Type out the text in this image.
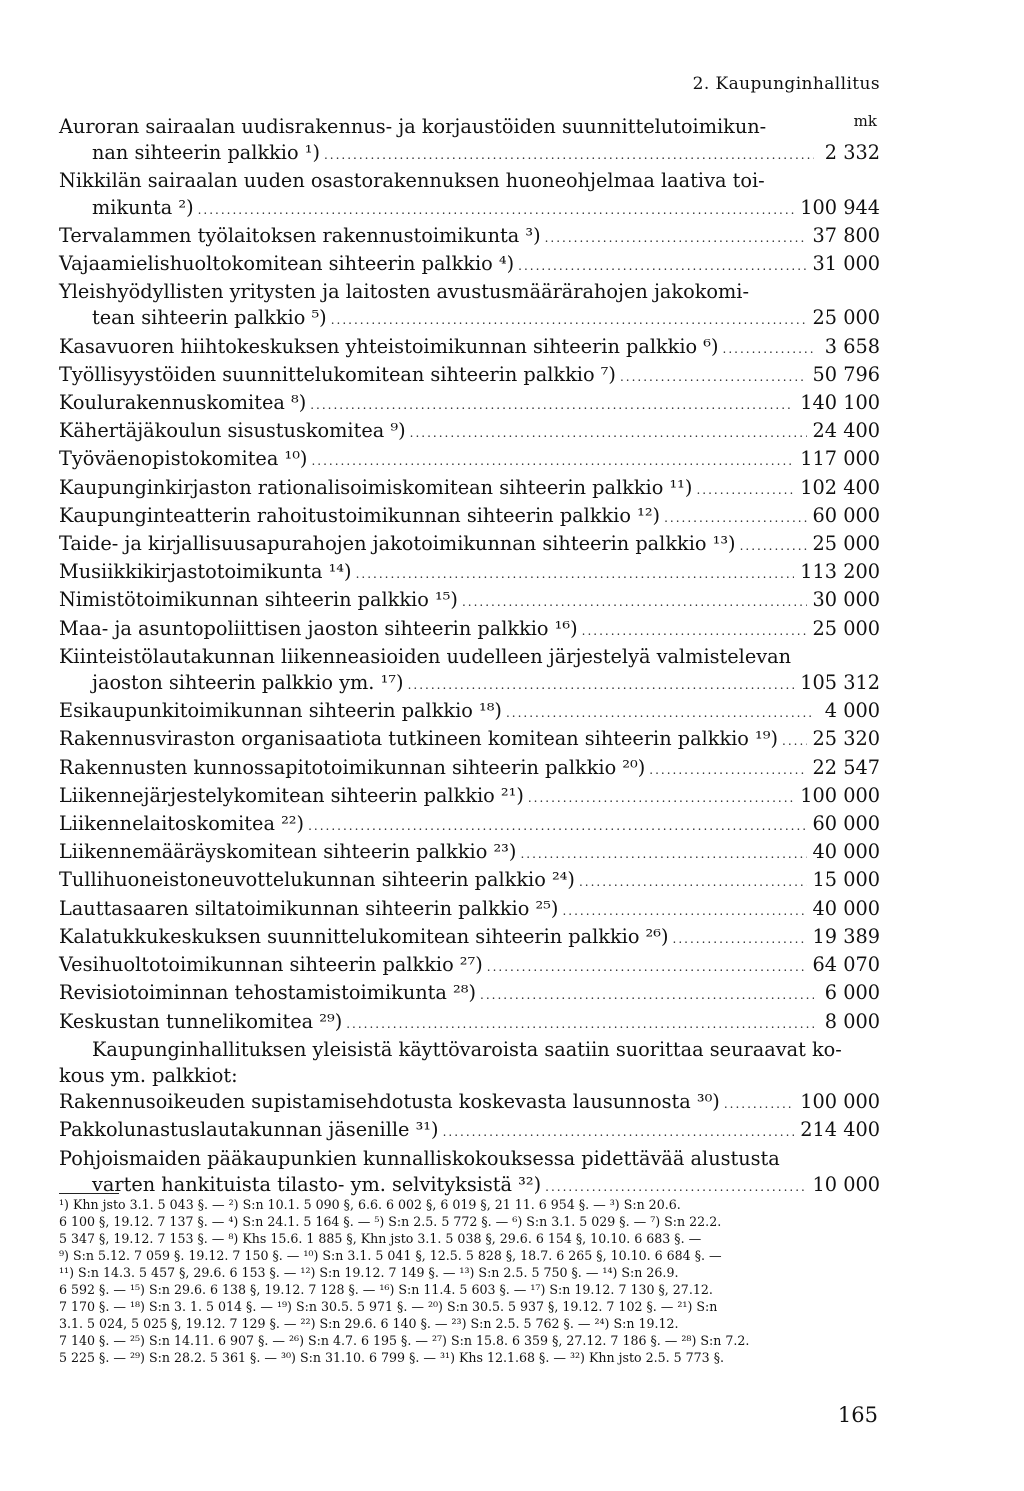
2. Kaupunginhallitus
mk
Auroran sairaalan uudisrakennus- ja korjaustöiden suunnittelutoimikun-
nan sihteerin palkkio ¹) .....	2 332
Nikkilän sairaalan uuden osastorakennuksen huoneohjelmaa laativa toi-
mikunta ²) .....	100 944
Tervalammen työlaitoksen rakennustoimikunta ³) .....	37 800
Vajaamielishuoltokomitean sihteerin palkkio ⁴) .....	31 000
Yleishyödyllisten yritysten ja laitosten avustusmäärärahojen jakokomi-
tean sihteerin palkkio ⁵) .....	25 000
Kasavuoren hiihtokeskuksen yhteistoimikunnan sihteerin palkkio ⁶) .....	3 658
Työllisyystöiden suunnittelukomitean sihteerin palkkio ⁷) .....	50 796
Koulurakennuskomitea ⁸) .....	140 100
Kähertäjäkoulun sisustuskomitea ⁹) .....	24 400
Työväenopistokomitea ¹⁰) .....	117 000
Kaupunginkirjaston rationalisoimiskomitean sihteerin palkkio ¹¹) .....	102 400
Kaupunginteatterin rahoitustoimikunnan sihteerin palkkio ¹²) .....	60 000
Taide- ja kirjallisuusapurahojen jakotoimikunnan sihteerin palkkio ¹³) .....	25 000
Musiikkikirjastotoimikunta ¹⁴) .....	113 200
Nimistötoimikunnan sihteerin palkkio ¹⁵) .....	30 000
Maa- ja asuntopoliittisen jaoston sihteerin palkkio ¹⁶) .....	25 000
Kiinteistölautakunnan liikenneasioiden uudelleen järjestelyä valmistelevan
jaoston sihteerin palkkio ym. ¹⁷) .....	105 312
Esikaupunkitoimikunnan sihteerin palkkio ¹⁸) .....	4 000
Rakennusviraston organisaatiota tutkineen komitean sihteerin palkkio ¹⁹) ..... 25 320
Rakennusten kunnossapitotoimikunnan sihteerin palkkio ²⁰) .....	22 547
Liikennejärjestelykomitean sihteerin palkkio ²¹) .....	100 000
Liikennelaitoskomitea ²²) .....	60 000
Liikennemääräyskomitean sihteerin palkkio ²³) .....	40 000
Tullihuoneistoneuvottelukunnan sihteerin palkkio ²⁴) .....	15 000
Lauttasaaren siltatoimikunnan sihteerin palkkio ²⁵) .....	40 000
Kalatukkukeskuksen suunnittelukomitean sihteerin palkkio ²⁶) .....	19 389
Vesihuoltotoimikunnan sihteerin palkkio ²⁷) .....	64 070
Revisiotoiminnan tehostamistoimikunta ²⁸) .....	6 000
Keskustan tunnelikomitea ²⁹) .....	8 000
Kaupunginhallituksen yleisistä käyttövaroista saatiin suorittaa seuraavat ko-
kous ym. palkkiot:
Rakennusoikeuden supistamisehdotusta koskevasta lausunnosta ³⁰) .....	100 000
Pakkolunastuslautakunnan jäsenille ³¹) .....	214 400
Pohjoismaiden pääkaupunkien kunnalliskokouksessa pidettävää alustusta
varten hankituista tilasto- ym. selvityksistä ³²) .....	10 000
¹) Khn jsto 3.1. 5 043 §. — ²) S:n 10.1. 5 090 §, 6.6. 6 002 §, 6 019 §, 21 11. 6 954 §. — ³) S:n 20.6.
6 100 §, 19.12. 7 137 §. — ⁴) S:n 24.1. 5 164 §. — ⁵) S:n 2.5. 5 772 §. — ⁶) S:n 3.1. 5 029 §. — ⁷) S:n 22.2.
5 347 §, 19.12. 7 153 §. — ⁸) Khs 15.6. 1 885 §, Khn jsto 3.1. 5 038 §, 29.6. 6 154 §, 10.10. 6 683 §. —
⁹) S:n 5.12. 7 059 §. 19.12. 7 150 §. — ¹⁰) S:n 3.1. 5 041 §, 12.5. 5 828 §, 18.7. 6 265 §, 10.10. 6 684 §. —
¹¹) S:n 14.3. 5 457 §, 29.6. 6 153 §. — ¹²) S:n 19.12. 7 149 §. — ¹³) S:n 2.5. 5 750 §. — ¹⁴) S:n 26.9.
6 592 §. — ¹⁵) S:n 29.6. 6 138 §, 19.12. 7 128 §. — ¹⁶) S:n 11.4. 5 603 §. — ¹⁷) S:n 19.12. 7 130 §, 27.12.
7 170 §. — ¹⁸) S:n 3. 1. 5 014 §. — ¹⁹) S:n 30.5. 5 971 §. — ²⁰) S:n 30.5. 5 937 §, 19.12. 7 102 §. — ²¹) S:n
3.1. 5 024, 5 025 §, 19.12. 7 129 §. — ²²) S:n 29.6. 6 140 §. — ²³) S:n 2.5. 5 762 §. — ²⁴) S:n 19.12.
7 140 §. — ²⁵) S:n 14.11. 6 907 §. — ²⁶) S:n 4.7. 6 195 §. — ²⁷) S:n 15.8. 6 359 §, 27.12. 7 186 §. — ²⁸) S:n 7.2.
5 225 §. — ²⁹) S:n 28.2. 5 361 §. — ³⁰) S:n 31.10. 6 799 §. — ³¹) Khs 12.1.68 §. — ³²) Khn jsto 2.5. 5 773 §.
165
